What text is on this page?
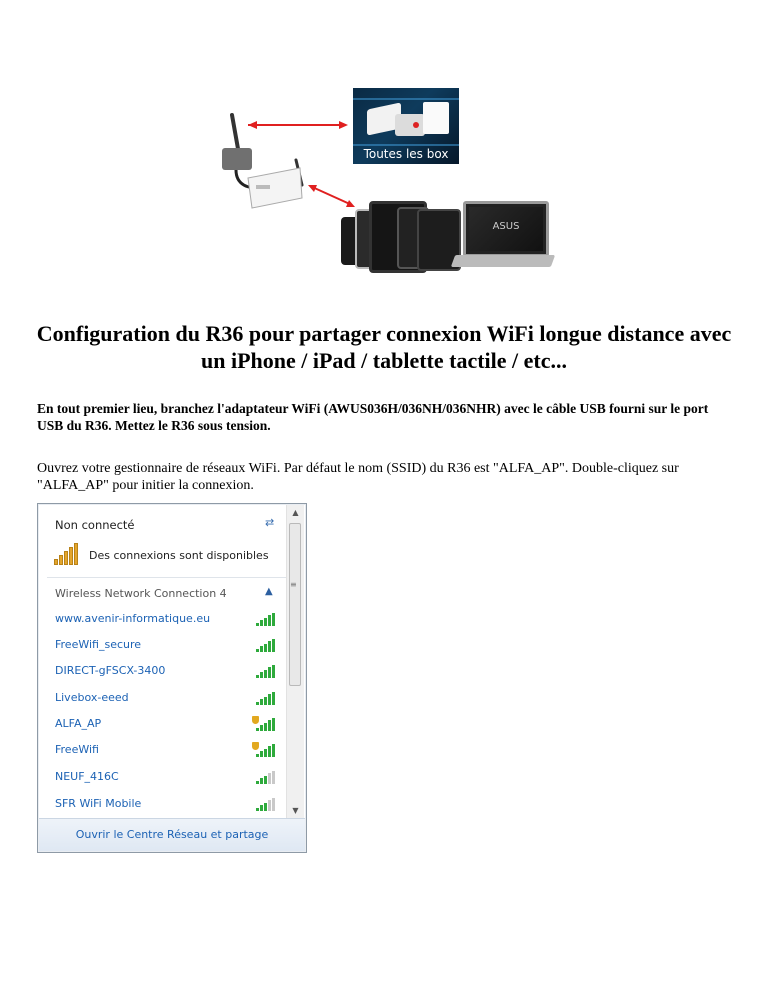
Toutes les box
ASUS
Configuration du R36 pour partager connexion WiFi longue distance avec un iPhone / iPad / tablette tactile / etc...
En tout premier lieu, branchez l'adaptateur WiFi (AWUS036H/036NH/036NHR) avec le câble USB fourni sur le port USB du R36. Mettez le R36 sous tension.
Ouvrez votre gestionnaire de réseaux WiFi. Par défaut le nom (SSID) du R36 est "ALFA_AP". Double-cliquez sur "ALFA_AP" pour initier la connexion.
Non connecté	⇄
Des connexions sont disponibles
Wireless Network Connection 4	▲
www.avenir-informatique.eu
FreeWifi_secure
DIRECT-gFSCX-3400
Livebox-eeed
ALFA_AP
FreeWifi
NEUF_416C
SFR WiFi Mobile
▲
≡
▼
Ouvrir le Centre Réseau et partage
